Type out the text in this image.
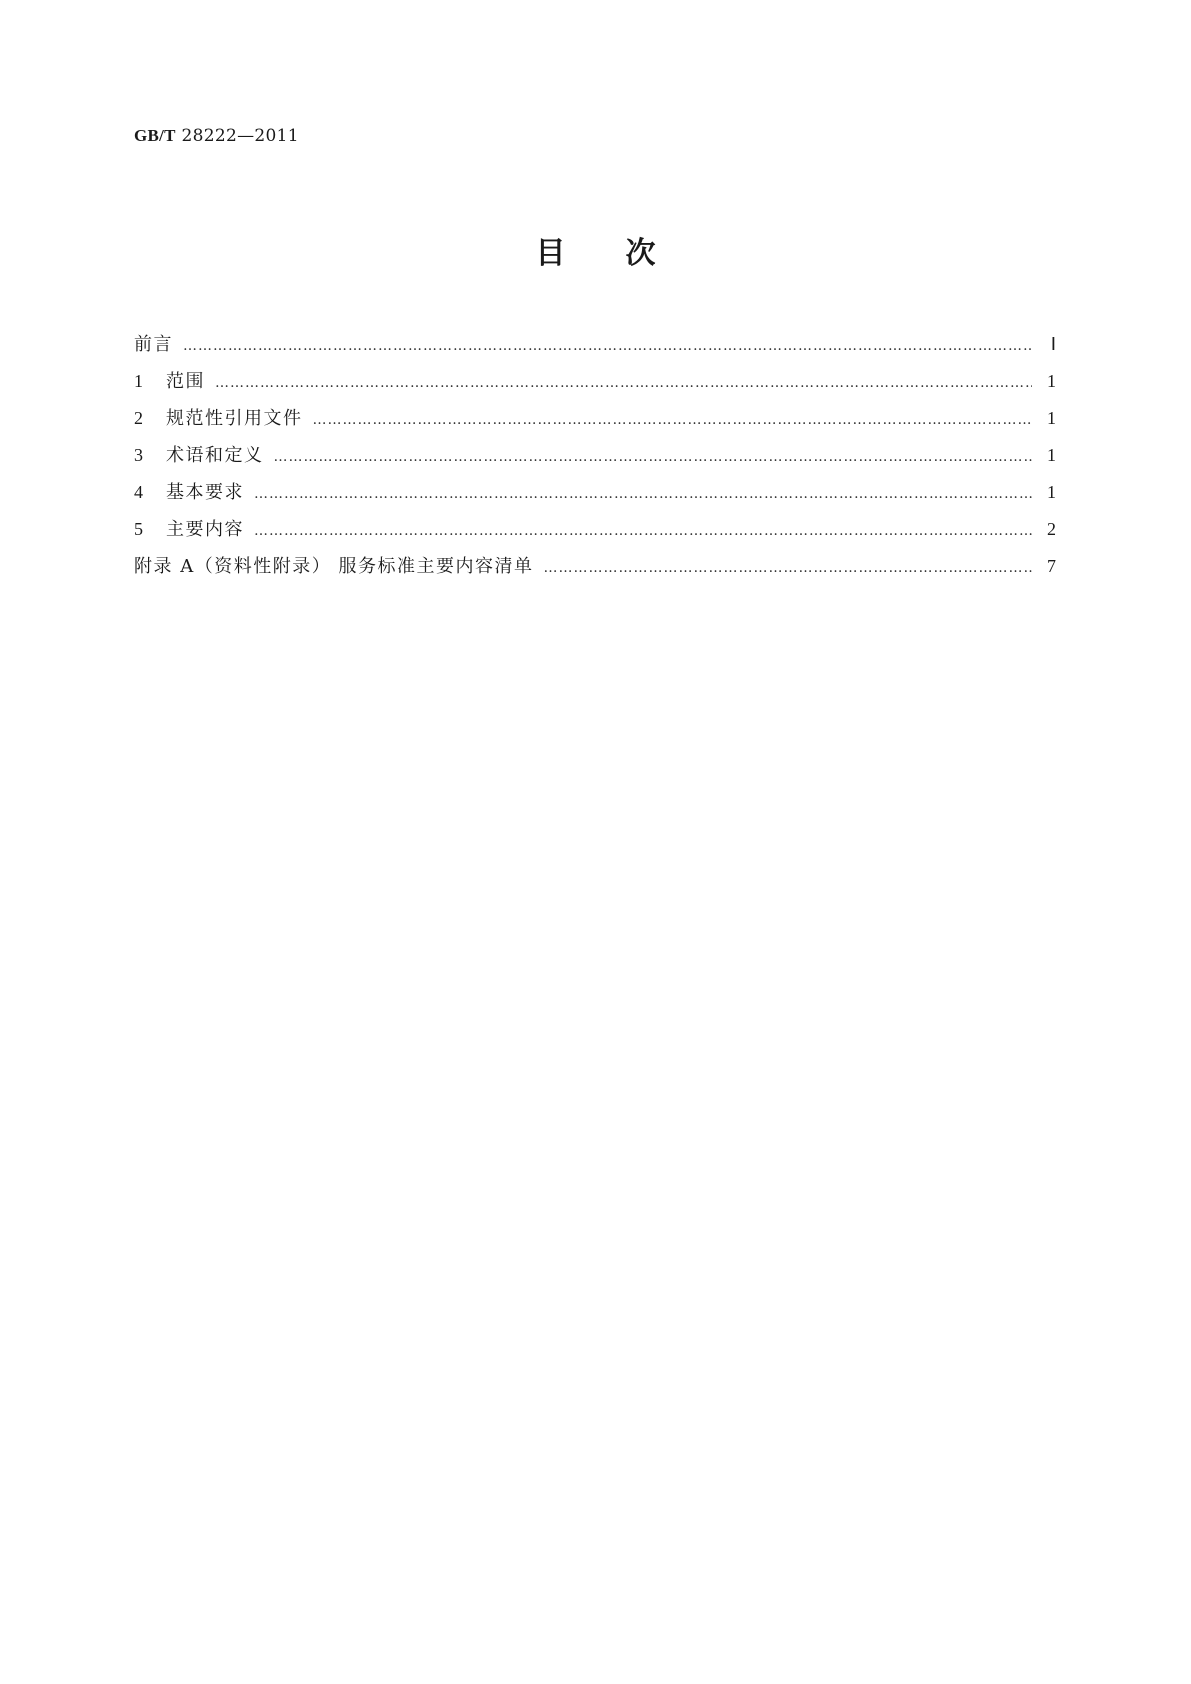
GB/T 28222—2011
目次
前言 …………………………………………………………………………………………………………………………………………………………………………………………………………	Ⅰ
1	范围 …………………………………………………………………………………………………………………………………………………………………………………………………………	1
2	规范性引用文件 …………………………………………………………………………………………………………………………………………………………………………………………………………	1
3	术语和定义 …………………………………………………………………………………………………………………………………………………………………………………………………………	1
4	基本要求 …………………………………………………………………………………………………………………………………………………………………………………………………………	1
5	主要内容 …………………………………………………………………………………………………………………………………………………………………………………………………………	2
附录 A（资料性附录） 服务标准主要内容清单 …………………………………………………………………………………………………………………………………………………………………………………………………………	7
